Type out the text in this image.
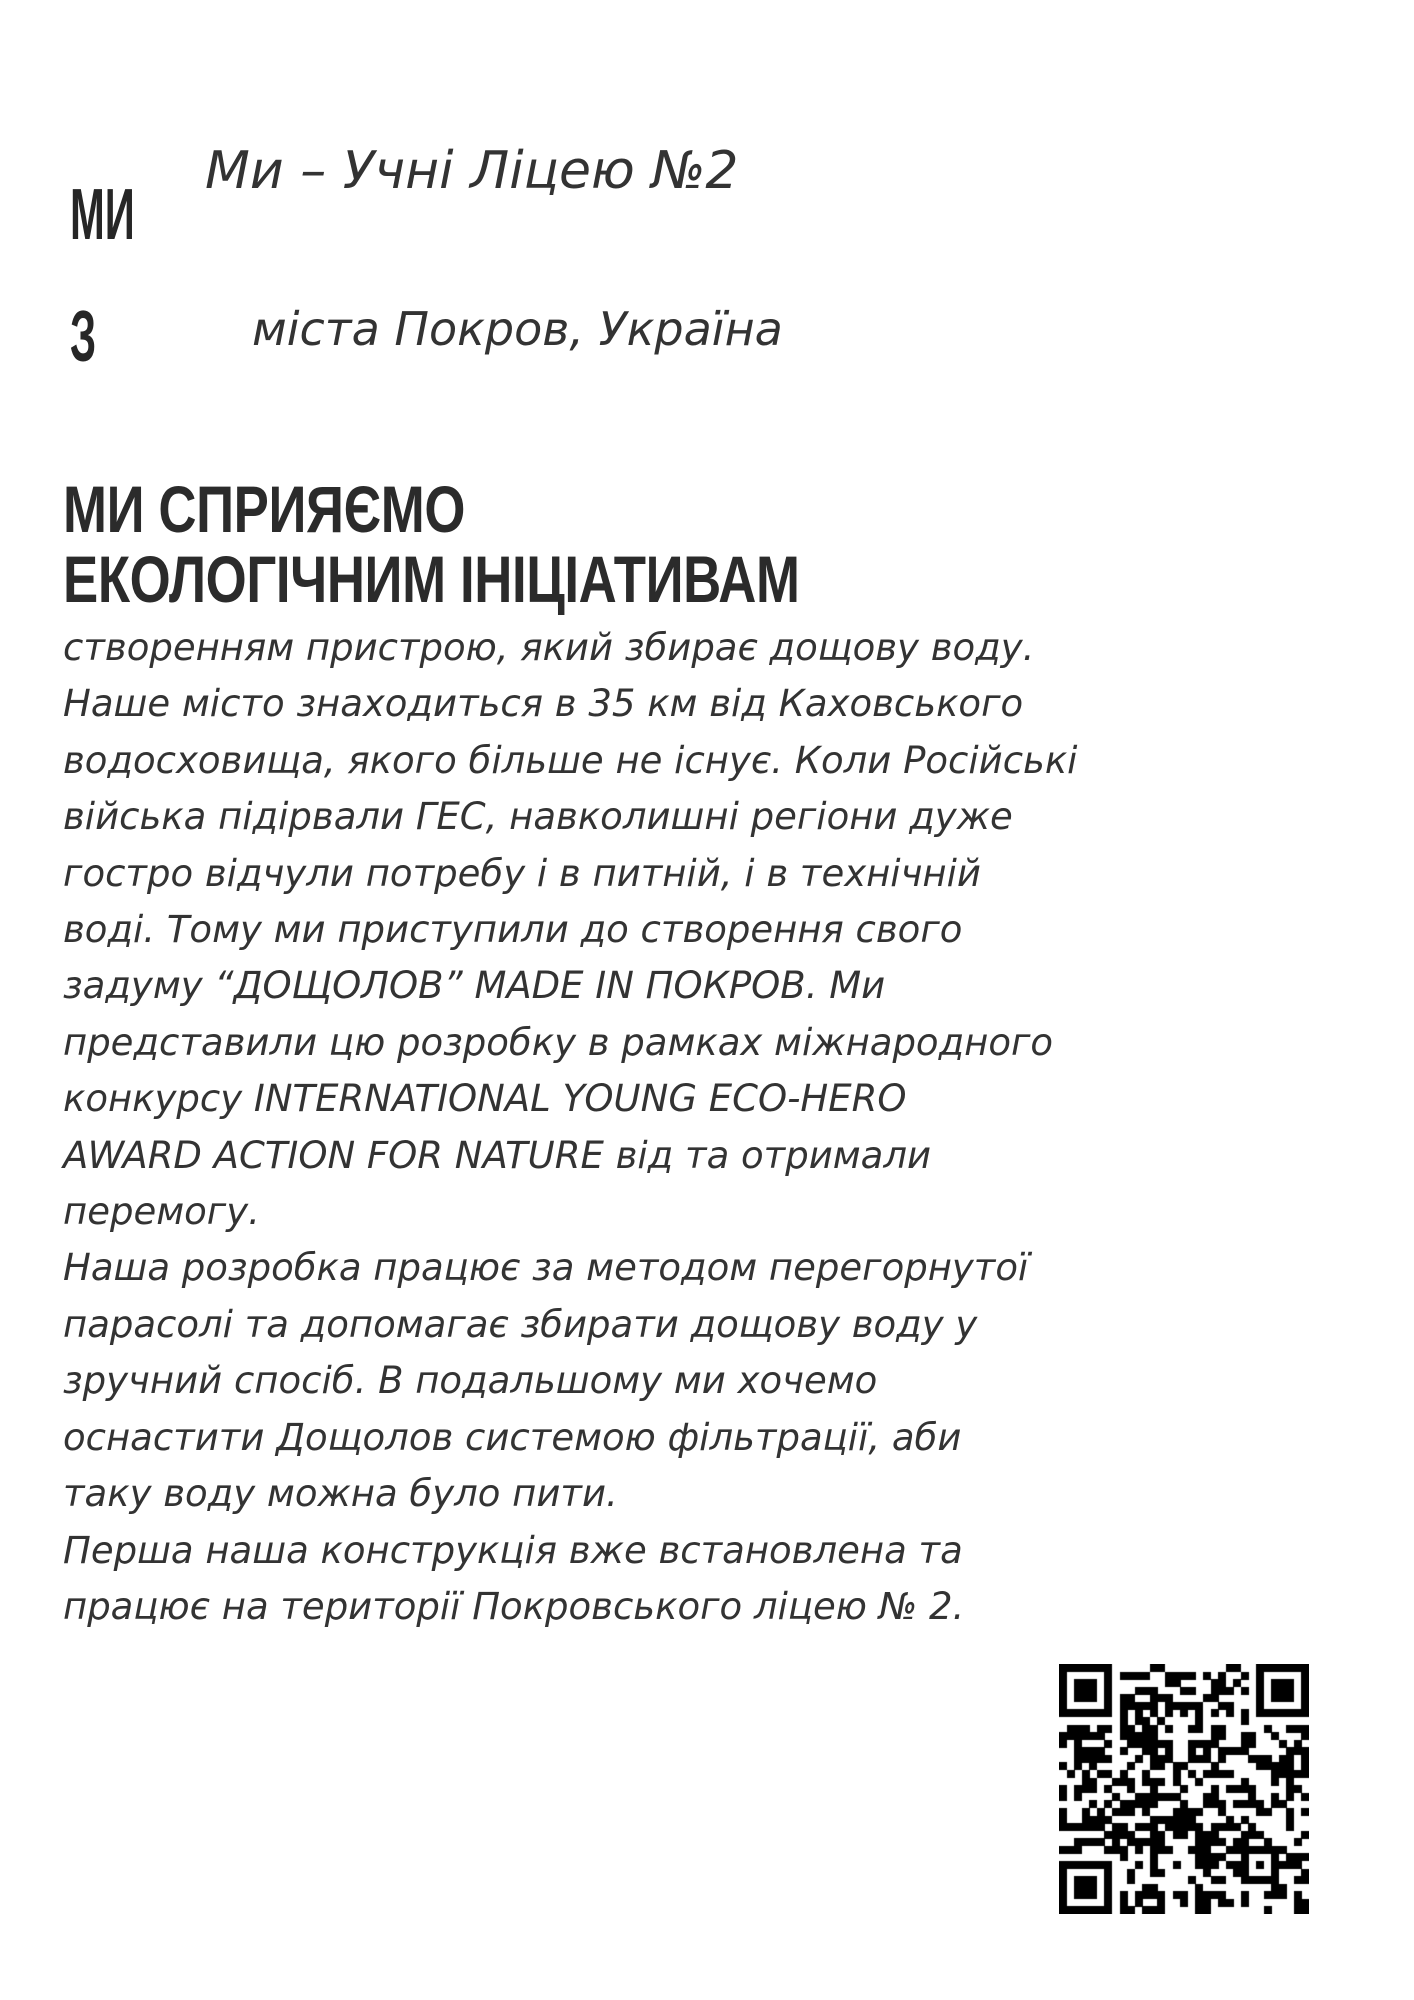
МИ
З
Ми – Учні Ліцею №2
міста Покров, Україна
МИ СПРИЯЄМО
ЕКОЛОГІЧНИМ ІНІЦІАТИВАМ
створенням пристрою, який збирає дощову воду.
Наше місто знаходиться в 35 км від Каховського
водосховища, якого більше не існує. Коли Російські
війська підірвали ГЕС, навколишні регіони дуже
гостро відчули потребу і в питній, і в технічній
воді. Тому ми приступили до створення свого
задуму “ДОЩОЛОВ” MADE IN ПОКРОВ. Ми
представили цю розробку в рамках міжнародного
конкурсу INTERNATIONAL YOUNG ECO-HERO
AWARD ACTION FOR NATURE від та отримали
перемогу.
Наша розробка працює за методом перегорнутої
парасолі та допомагає збирати дощову воду у
зручний спосіб. В подальшому ми хочемо
оснастити Дощолов системою фільтрації, аби
таку воду можна було пити.
Перша наша конструкція вже встановлена та
працює на території Покровського ліцею № 2.
